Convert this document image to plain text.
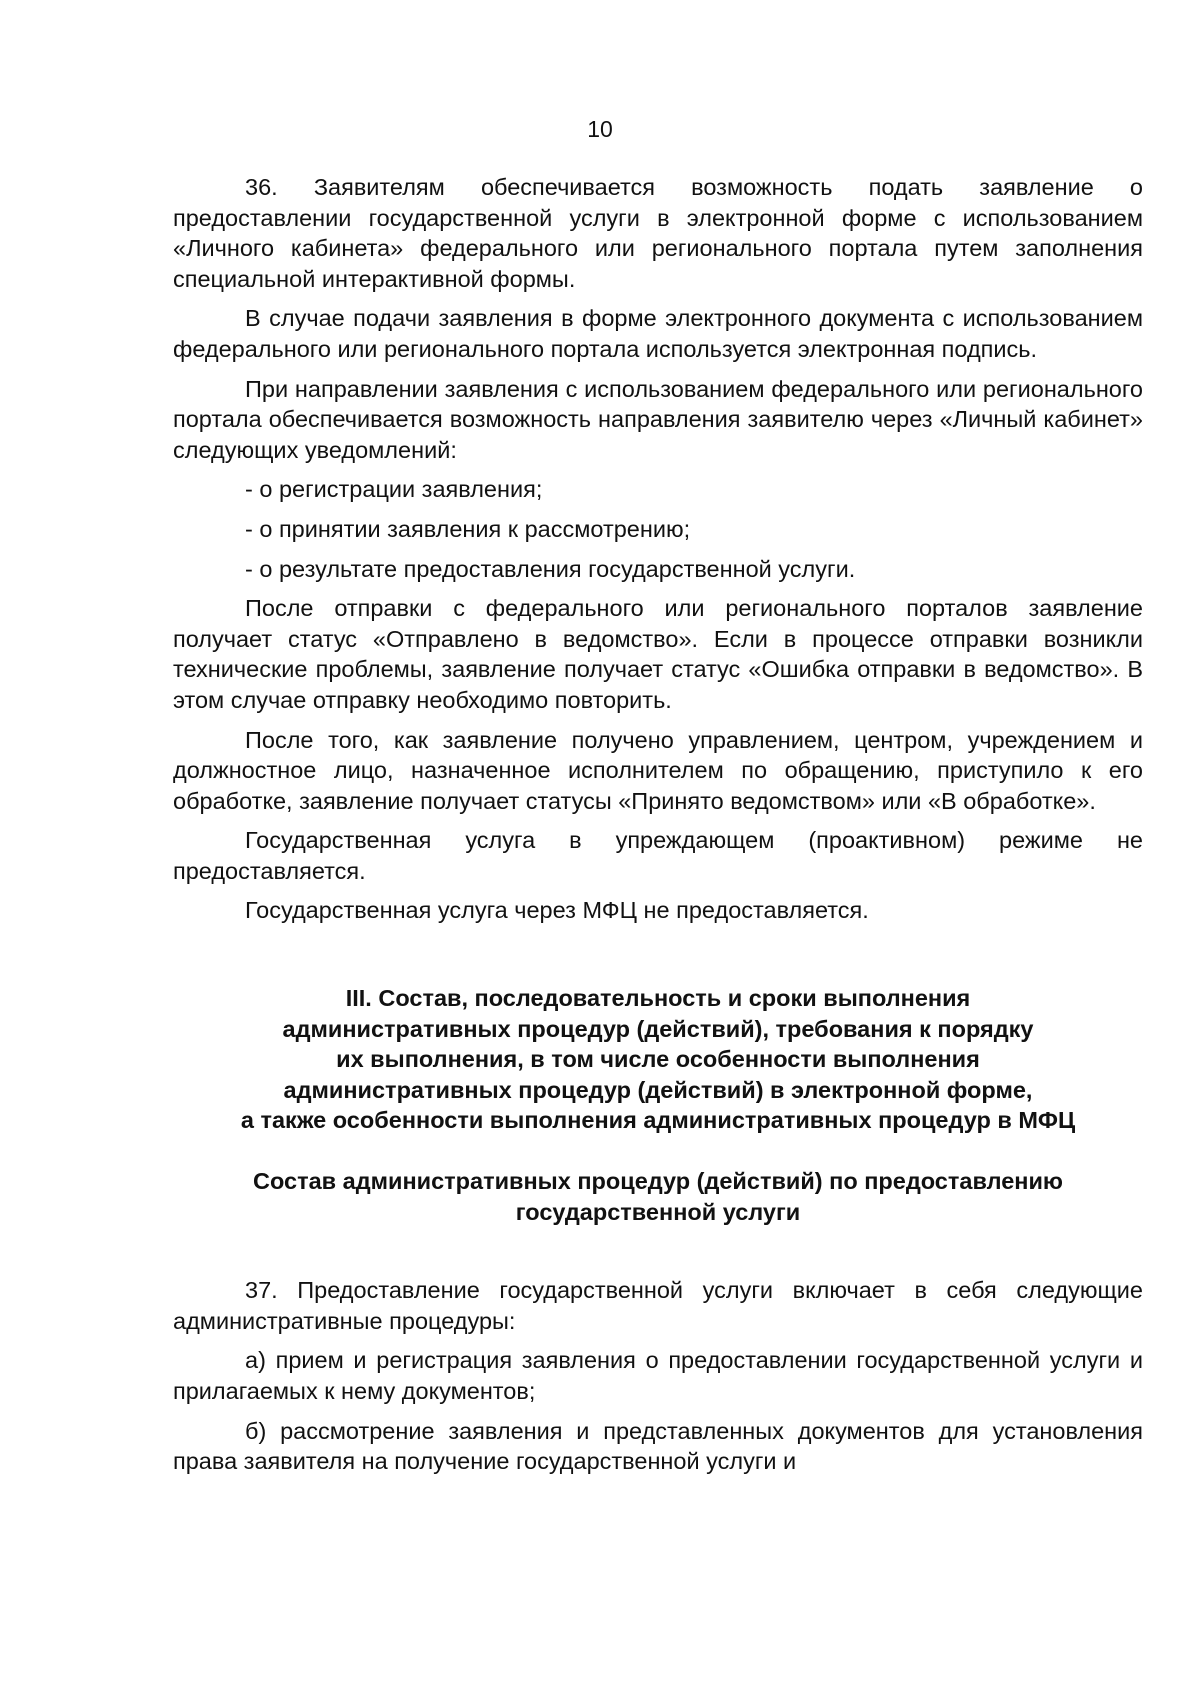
10

36. Заявителям обеспечивается возможность подать заявление о предоставлении государственной услуги в электронной форме с использованием «Личного кабинета» федерального или регионального портала путем заполнения специальной интерактивной формы.

В случае подачи заявления в форме электронного документа с использованием федерального или регионального портала используется электронная подпись.

При направлении заявления с использованием федерального или регионального портала обеспечивается возможность направления заявителю через «Личный кабинет» следующих уведомлений:

- о регистрации заявления;

- о принятии заявления к рассмотрению;

- о результате предоставления государственной услуги.

После отправки с федерального или регионального порталов заявление получает статус «Отправлено в ведомство». Если в процессе отправки возникли технические проблемы, заявление получает статус «Ошибка отправки в ведомство». В этом случае отправку необходимо повторить.

После того, как заявление получено управлением, центром, учреждением и должностное лицо, назначенное исполнителем по обращению, приступило к его обработке, заявление получает статусы «Принято ведомством» или «В обработке».

Государственная услуга в упреждающем (проактивном) режиме не предоставляется.

Государственная услуга через МФЦ не предоставляется.

III. Состав, последовательность и сроки выполнения
административных процедур (действий), требования к порядку
их выполнения, в том числе особенности выполнения
административных процедур (действий) в электронной форме,
а также особенности выполнения административных процедур в МФЦ
Состав административных процедур (действий) по предоставлению
государственной услуги

37. Предоставление государственной услуги включает в себя следующие административные процедуры:

а) прием и регистрация заявления о предоставлении государственной услуги и прилагаемых к нему документов;

б) рассмотрение заявления и представленных документов для установления права заявителя на получение государственной услуги и
